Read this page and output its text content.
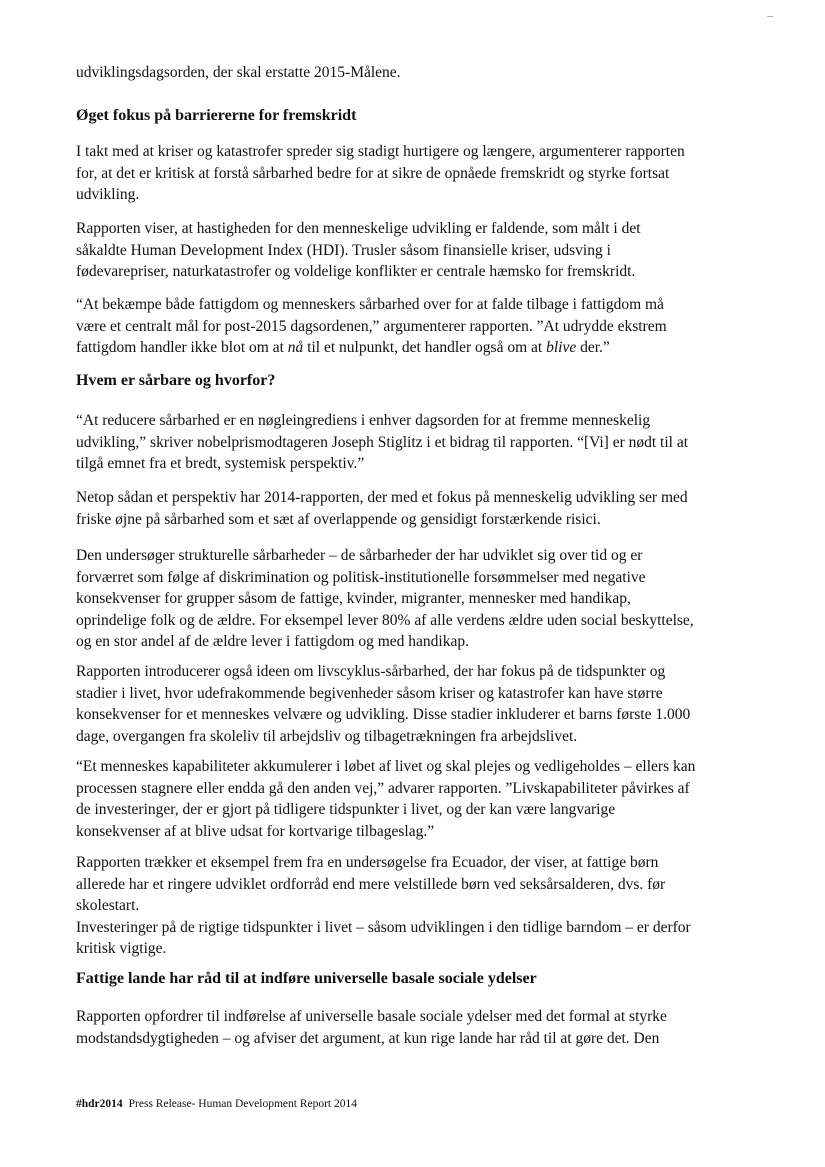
udviklingsdagsorden, der skal erstatte 2015-Målene.
Øget fokus på barriererne for fremskridt
I takt med at kriser og katastrofer spreder sig stadigt hurtigere og længere, argumenterer rapporten
for, at det er kritisk at forstå sårbarhed bedre for at sikre de opnåede fremskridt og styrke fortsat
udvikling.
Rapporten viser, at hastigheden for den menneskelige udvikling er faldende, som målt i det
såkaldte Human Development Index (HDI). Trusler såsom finansielle kriser, udsving i
fødevarepriser, naturkatastrofer og voldelige konflikter er centrale hæmsko for fremskridt.
“At bekæmpe både fattigdom og menneskers sårbarhed over for at falde tilbage i fattigdom må
være et centralt mål for post-2015 dagsordenen,” argumenterer rapporten. ”At udrydde ekstrem
fattigdom handler ikke blot om at nå til et nulpunkt, det handler også om at blive der.”
Hvem er sårbare og hvorfor?
“At reducere sårbarhed er en nøgleingrediens i enhver dagsorden for at fremme menneskelig
udvikling,” skriver nobelprismodtageren Joseph Stiglitz i et bidrag til rapporten. “[Vi] er nødt til at
tilgå emnet fra et bredt, systemisk perspektiv.”
Netop sådan et perspektiv har 2014-rapporten, der med et fokus på menneskelig udvikling ser med
friske øjne på sårbarhed som et sæt af overlappende og gensidigt forstærkende risici.
Den undersøger strukturelle sårbarheder – de sårbarheder der har udviklet sig over tid og er
forværret som følge af diskrimination og politisk-institutionelle forsømmelser med negative
konsekvenser for grupper såsom de fattige, kvinder, migranter, mennesker med handikap,
oprindelige folk og de ældre. For eksempel lever 80% af alle verdens ældre uden social beskyttelse,
og en stor andel af de ældre lever i fattigdom og med handikap.
Rapporten introducerer også ideen om livscyklus-sårbarhed, der har fokus på de tidspunkter og
stadier i livet, hvor udefrakommende begivenheder såsom kriser og katastrofer kan have større
konsekvenser for et menneskes velvære og udvikling. Disse stadier inkluderer et barns første 1.000
dage, overgangen fra skoleliv til arbejdsliv og tilbagetrækningen fra arbejdslivet.
“Et menneskes kapabiliteter akkumulerer i løbet af livet og skal plejes og vedligeholdes – ellers kan
processen stagnere eller endda gå den anden vej,” advarer rapporten. ”Livskapabiliteter påvirkes af
de investeringer, der er gjort på tidligere tidspunkter i livet, og der kan være langvarige
konsekvenser af at blive udsat for kortvarige tilbageslag.”
Rapporten trækker et eksempel frem fra en undersøgelse fra Ecuador, der viser, at fattige børn
allerede har et ringere udviklet ordforråd end mere velstillede børn ved seksårsalderen, dvs. før
skolestart.
Investeringer på de rigtige tidspunkter i livet – såsom udviklingen i den tidlige barndom – er derfor
kritisk vigtige.
Fattige lande har råd til at indføre universelle basale sociale ydelser
Rapporten opfordrer til indførelse af universelle basale sociale ydelser med det formal at styrke
modstandsdygtigheden – og afviser det argument, at kun rige lande har råd til at gøre det. Den
#hdr2014 Press Release- Human Development Report 2014
